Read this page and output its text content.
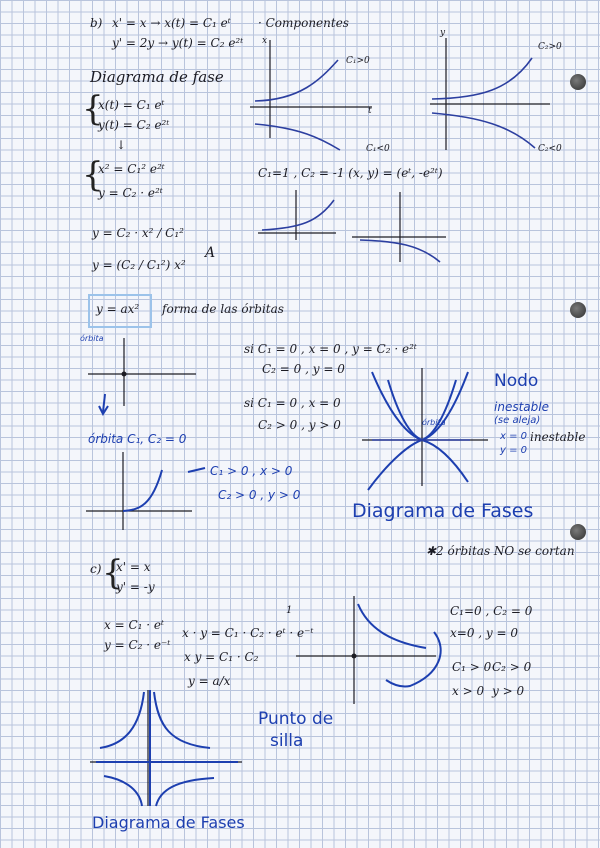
b) x' = x → x(t) = C₁ eᵗ
y' = 2y → y(t) = C₂ e²ᵗ
· Componentes
Diagrama de fase
{
x(t) = C₁ eᵗ
y(t) = C₂ e²ᵗ
↓
{
x² = C₁² e²ᵗ
y = C₂ · e²ᵗ
y = C₂ · x² / C₁²
y = (C₂ / C₁²) x²
A
y = ax² forma de las órbitas
C₁>0
t
x
C₁<0
y
C₂>0
C₂<0
C₁=1 , C₂ = -1 (x, y) = (eᵗ, -e²ᵗ)
órbita
si C₁ = 0 , x = 0 , y = C₂ · e²ᵗ
C₂ = 0 , y = 0
si C₁ = 0 , x = 0
C₂ > 0 , y > 0
órbita C₁, C₂ = 0
C₁ > 0 , x > 0
C₂ > 0 , y > 0
Nodo
inestable
(se aleja)
x = 0
y = 0
inestable
órbita
Diagrama de Fases
✱2 órbitas NO se cortan
c) {
x' = x
y' = -y
x = C₁ · eᵗ
y = C₂ · e⁻ᵗ
x · y = C₁ · C₂ · eᵗ · e⁻ᵗ
1
x y = C₁ · C₂
y = a/x
C₁=0 , C₂ = 0
x=0 , y = 0
C₁ > 0 C₂ > 0
x > 0 y > 0
Punto de
silla
Diagrama de Fases
